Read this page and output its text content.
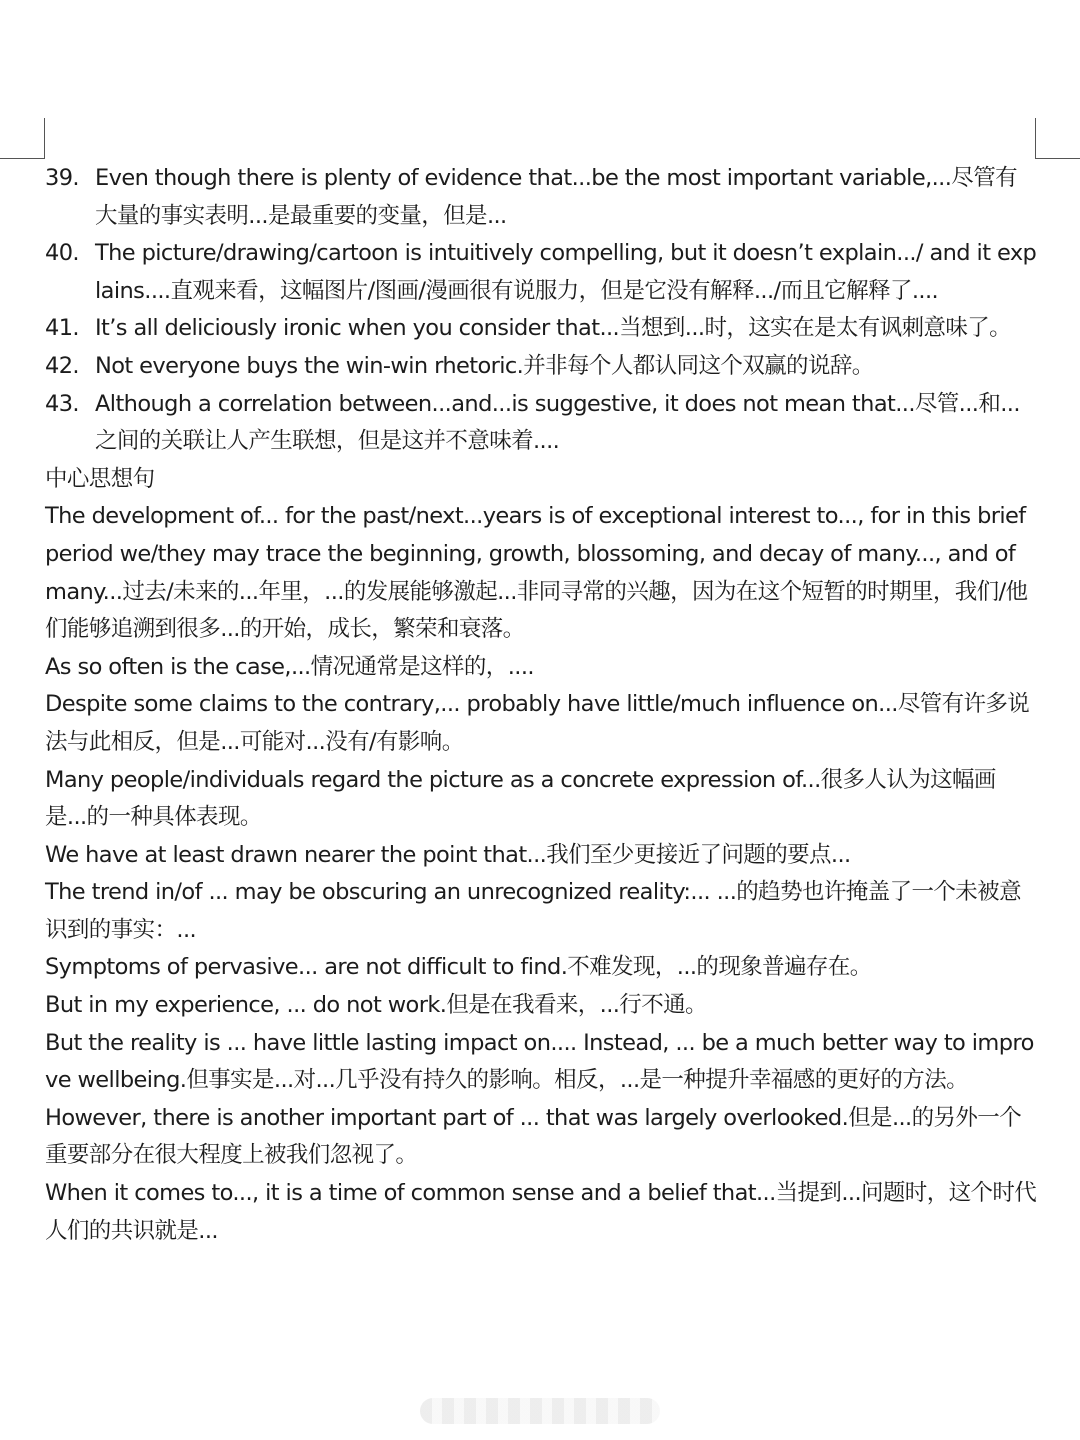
39. Even though there is plenty of evidence that...be the most important variable,...尽管有大量的事实表明...是最重要的变量，但是...
40. The picture/drawing/cartoon is intuitively compelling, but it doesn’t explain.../ and it explains....直观来看，这幅图片/图画/漫画很有说服力，但是它没有解释.../而且它解释了....
41. It’s all deliciously ironic when you consider that...当想到...时，这实在是太有讽刺意味了。
42. Not everyone buys the win-win rhetoric.并非每个人都认同这个双赢的说辞。
43. Although a correlation between...and...is suggestive, it does not mean that...尽管...和...之间的关联让人产生联想，但是这并不意味着....
中心思想句
The development of... for the past/next...years is of exceptional interest to..., for in this brief period we/they may trace the beginning, growth, blossoming, and decay of many..., and of many...过去/未来的...年里，...的发展能够激起...非同寻常的兴趣，因为在这个短暂的时期里，我们/他们能够追溯到很多...的开始，成长，繁荣和衰落。
As so often is the case,...情况通常是这样的，....
Despite some claims to the contrary,... probably have little/much influence on...尽管有许多说法与此相反，但是...可能对...没有/有影响。
Many people/individuals regard the picture as a concrete expression of...很多人认为这幅画是...的一种具体表现。
We have at least drawn nearer the point that...我们至少更接近了问题的要点...
The trend in/of ... may be obscuring an unrecognized reality:... ...的趋势也许掩盖了一个未被意识到的事实：...
Symptoms of pervasive... are not difficult to find.不难发现，...的现象普遍存在。
But in my experience, ... do not work.但是在我看来，...行不通。
But the reality is ... have little lasting impact on.... Instead, ... be a much better way to improve wellbeing.但事实是...对...几乎没有持久的影响。相反，...是一种提升幸福感的更好的方法。
However, there is another important part of ... that was largely overlooked.但是...的另外一个重要部分在很大程度上被我们忽视了。
When it comes to..., it is a time of common sense and a belief that...当提到...问题时，这个时代人们的共识就是...
